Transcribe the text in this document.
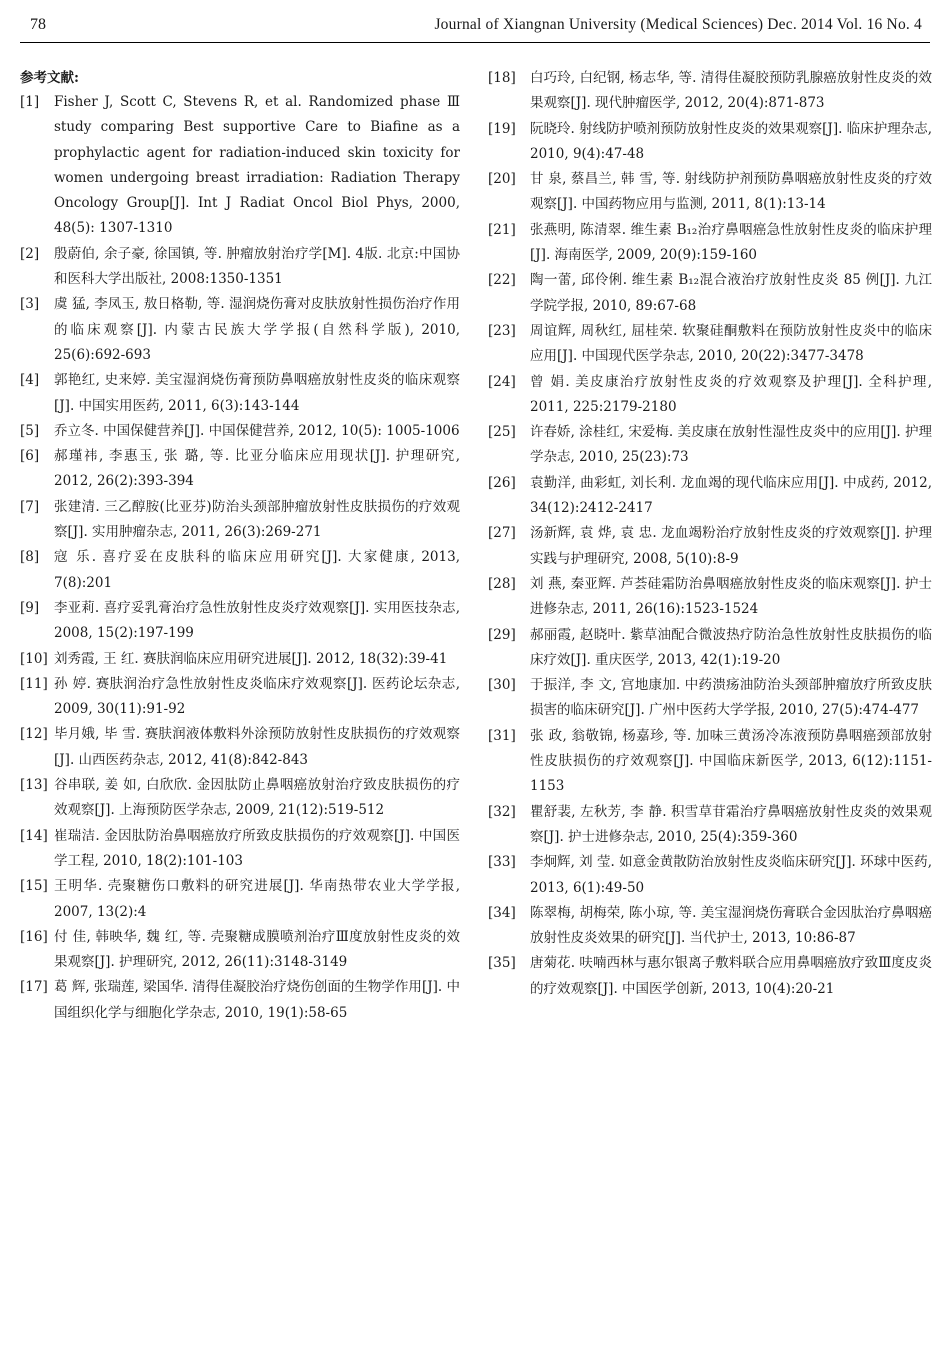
78	Journal of Xiangnan University (Medical Sciences) Dec. 2014 Vol. 16 No. 4
参考文献:
[1]	Fisher J, Scott C, Stevens R, et al. Randomized phase Ⅲ study comparing Best supportive Care to Biafine as a prophylactic agent for radiation-induced skin toxicity for women undergoing breast irradiation: Radiation Therapy Oncology Group[J]. Int J Radiat Oncol Biol Phys, 2000, 48(5): 1307-1310
[2]	殷蔚伯, 余子豪, 徐国镇, 等. 肿瘤放射治疗学[M]. 4版. 北京:中国协和医科大学出版社, 2008:1350-1351
[3]	虞 猛, 李凤玉, 敖日格勒, 等. 湿润烧伤膏对皮肤放射性损伤治疗作用的临床观察[J]. 内蒙古民族大学学报(自然科学版), 2010, 25(6):692-693
[4]	郭艳红, 史来婷. 美宝湿润烧伤膏预防鼻咽癌放射性皮炎的临床观察[J]. 中国实用医药, 2011, 6(3):143-144
[5]	乔立冬. 中国保健营养[J]. 中国保健营养, 2012, 10(5): 1005-1006
[6]	郝瑾祎, 李惠玉, 张 璐, 等. 比亚分临床应用现状[J]. 护理研究, 2012, 26(2):393-394
[7]	张建清. 三乙醇胺(比亚芬)防治头颈部肿瘤放射性皮肤损伤的疗效观察[J]. 实用肿瘤杂志, 2011, 26(3):269-271
[8]	寇 乐. 喜疗妥在皮肤科的临床应用研究[J]. 大家健康, 2013, 7(8):201
[9]	李亚莉. 喜疗妥乳膏治疗急性放射性皮炎疗效观察[J]. 实用医技杂志, 2008, 15(2):197-199
[10] 刘秀霞, 王 红. 赛肤润临床应用研究进展[J]. 2012, 18(32):39-41
[11] 孙 婷. 赛肤润治疗急性放射性皮炎临床疗效观察[J]. 医药论坛杂志, 2009, 30(11):91-92
[12] 毕月娥, 毕 雪. 赛肤润液体敷料外涂预防放射性皮肤损伤的疗效观察[J]. 山西医药杂志, 2012, 41(8):842-843
[13] 谷串联, 姜 如, 白欣欣. 金因肽防止鼻咽癌放射治疗致皮肤损伤的疗效观察[J]. 上海预防医学杂志, 2009, 21(12):519-512
[14] 崔瑞洁. 金因肽防治鼻咽癌放疗所致皮肤损伤的疗效观察[J]. 中国医学工程, 2010, 18(2):101-103
[15] 王明华. 壳聚糖伤口敷料的研究进展[J]. 华南热带农业大学学报, 2007, 13(2):4
[16] 付 佳, 韩映华, 魏 红, 等. 壳聚糖成膜喷剂治疗Ⅲ度放射性皮炎的效果观察[J]. 护理研究, 2012, 26(11):3148-3149
[17] 葛 辉, 张瑞莲, 梁国华. 清得佳凝胶治疗烧伤创面的生物学作用[J]. 中国组织化学与细胞化学杂志, 2010, 19(1):58-65
[18]	白巧玲, 白纪钢, 杨志华, 等. 清得佳凝胶预防乳腺癌放射性皮炎的效果观察[J]. 现代肿瘤医学, 2012, 20(4):871-873
[19]	阮晓玲. 射线防护喷剂预防放射性皮炎的效果观察[J]. 临床护理杂志, 2010, 9(4):47-48
[20]	甘 泉, 蔡昌兰, 韩 雪, 等. 射线防护剂预防鼻咽癌放射性皮炎的疗效观察[J]. 中国药物应用与监测, 2011, 8(1):13-14
[21]	张燕明, 陈清翠. 维生素 B₁₂治疗鼻咽癌急性放射性皮炎的临床护理[J]. 海南医学, 2009, 20(9):159-160
[22]	陶一蕾, 邱伶俐. 维生素 B₁₂混合液治疗放射性皮炎 85 例[J]. 九江学院学报, 2010, 89:67-68
[23]	周谊辉, 周秋红, 屈桂荣. 软聚硅酮敷料在预防放射性皮炎中的临床应用[J]. 中国现代医学杂志, 2010, 20(22):3477-3478
[24]	曾 娟. 美皮康治疗放射性皮炎的疗效观察及护理[J]. 全科护理, 2011, 225:2179-2180
[25]	许春娇, 涂桂红, 宋爱梅. 美皮康在放射性湿性皮炎中的应用[J]. 护理学杂志, 2010, 25(23):73
[26]	袁勤洋, 曲彩虹, 刘长利. 龙血竭的现代临床应用[J]. 中成药, 2012, 34(12):2412-2417
[27]	汤新辉, 袁 烨, 袁 忠. 龙血竭粉治疗放射性皮炎的疗效观察[J]. 护理实践与护理研究, 2008, 5(10):8-9
[28]	刘 燕, 秦亚辉. 芦荟硅霜防治鼻咽癌放射性皮炎的临床观察[J]. 护士进修杂志, 2011, 26(16):1523-1524
[29]	郝丽霞, 赵晓叶. 紫草油配合微波热疗防治急性放射性皮肤损伤的临床疗效[J]. 重庆医学, 2013, 42(1):19-20
[30]	于振洋, 李 文, 宫地康加. 中药溃疡油防治头颈部肿瘤放疗所致皮肤损害的临床研究[J]. 广州中医药大学学报, 2010, 27(5):474-477
[31]	张 政, 翁敬锦, 杨嘉珍, 等. 加味三黄汤冷冻液预防鼻咽癌颈部放射性皮肤损伤的疗效观察[J]. 中国临床新医学, 2013, 6(12):1151-1153
[32]	瞿舒裴, 左秋芳, 李 静. 积雪草苷霜治疗鼻咽癌放射性皮炎的效果观察[J]. 护士进修杂志, 2010, 25(4):359-360
[33]	李炯辉, 刘 莹. 如意金黄散防治放射性皮炎临床研究[J]. 环球中医药, 2013, 6(1):49-50
[34]	陈翠梅, 胡梅荣, 陈小琼, 等. 美宝湿润烧伤膏联合金因肽治疗鼻咽癌放射性皮炎效果的研究[J]. 当代护士, 2013, 10:86-87
[35]	唐菊花. 呋喃西林与惠尔银离子敷料联合应用鼻咽癌放疗致Ⅲ度皮炎的疗效观察[J]. 中国医学创新, 2013, 10(4):20-21
